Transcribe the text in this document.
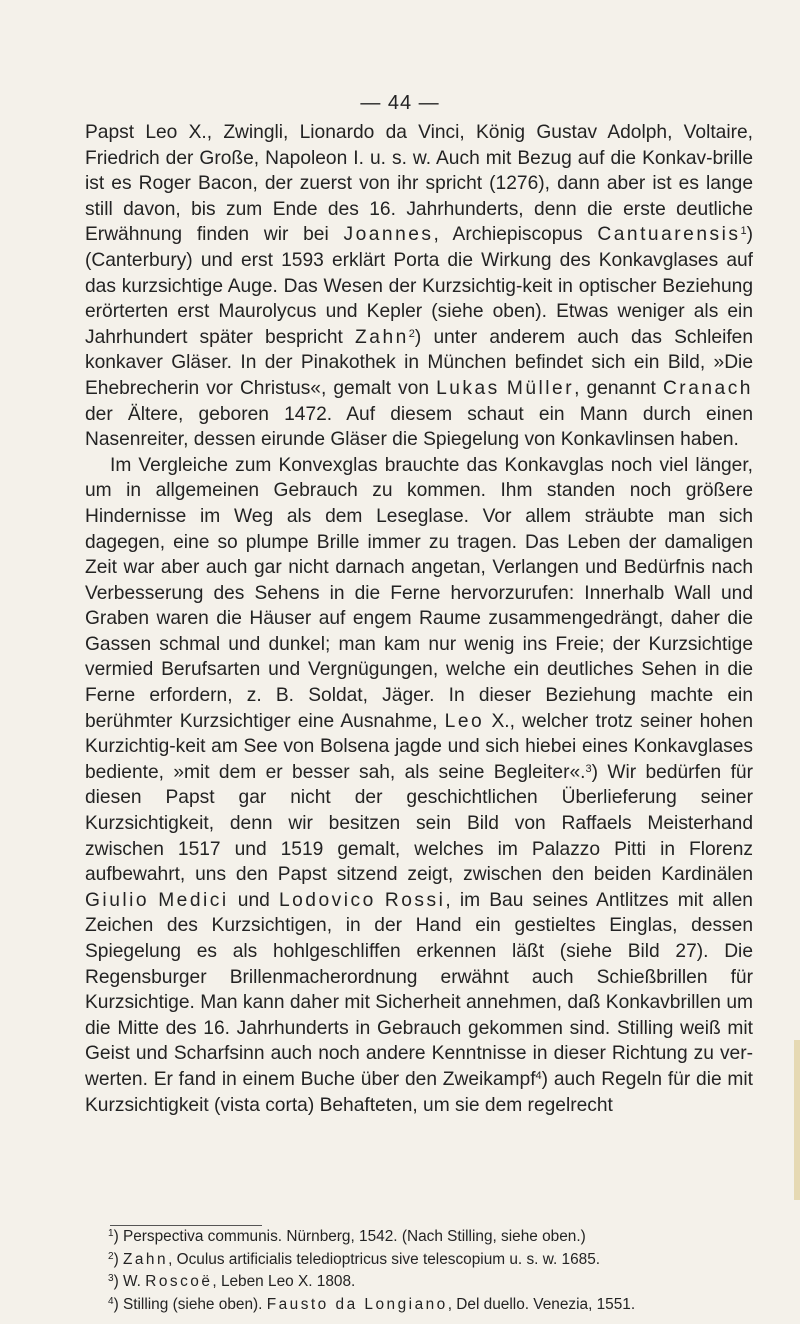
— 44 —

Papst Leo X., Zwingli, Lionardo da Vinci, König Gustav Adolph, Voltaire, Friedrich der Große, Napoleon I. u. s. w. Auch mit Bezug auf die Konkav-brille ist es Roger Bacon, der zuerst von ihr spricht (1276), dann aber ist es lange still davon, bis zum Ende des 16. Jahrhunderts, denn die erste deutliche Erwähnung finden wir bei Joannes, Archiepiscopus Cantuarensis$^1$) (Canterbury) und erst 1593 erklärt Porta die Wirkung des Konkavglases auf das kurzsichtige Auge. Das Wesen der Kurzsichtig-keit in optischer Beziehung erörterten erst Maurolycus und Kepler (siehe oben). Etwas weniger als ein Jahrhundert später bespricht Zahn$^2$) unter anderem auch das Schleifen konkaver Gläser. In der Pinakothek in München befindet sich ein Bild, »Die Ehebrecherin vor Christus«, gemalt von Lukas Müller, genannt Cranach der Ältere, geboren 1472. Auf diesem schaut ein Mann durch einen Nasenreiter, dessen eirunde Gläser die Spiegelung von Konkavlinsen haben.

Im Vergleiche zum Konvexglas brauchte das Konkavglas noch viel länger, um in allgemeinen Gebrauch zu kommen. Ihm standen noch größere Hindernisse im Weg als dem Leseglase. Vor allem sträubte man sich dagegen, eine so plumpe Brille immer zu tragen. Das Leben der damaligen Zeit war aber auch gar nicht darnach angetan, Verlangen und Bedürfnis nach Verbesserung des Sehens in die Ferne hervorzurufen: Innerhalb Wall und Graben waren die Häuser auf engem Raume zusammengedrängt, daher die Gassen schmal und dunkel; man kam nur wenig ins Freie; der Kurzsichtige vermied Berufsarten und Vergnügungen, welche ein deutliches Sehen in die Ferne erfordern, z. B. Soldat, Jäger. In dieser Beziehung machte ein berühmter Kurzsichtiger eine Ausnahme, Leo X., welcher trotz seiner hohen Kurzichtig-keit am See von Bolsena jagde und sich hiebei eines Konkavglases bediente, »mit dem er besser sah, als seine Begleiter«.$^3$) Wir bedürfen für diesen Papst gar nicht der geschichtlichen Überlieferung seiner Kurzsichtigkeit, denn wir besitzen sein Bild von Raffaels Meisterhand zwischen 1517 und 1519 gemalt, welches im Palazzo Pitti in Florenz aufbewahrt, uns den Papst sitzend zeigt, zwischen den beiden Kardinälen Giulio Medici und Lodovico Rossi, im Bau seines Antlitzes mit allen Zeichen des Kurzsichtigen, in der Hand ein gestieltes Einglas, dessen Spiegelung es als hohlgeschliffen erkennen läßt (siehe Bild 27). Die Regensburger Brillenmacherordnung erwähnt auch Schießbrillen für Kurzsichtige. Man kann daher mit Sicherheit annehmen, daß Konkavbrillen um die Mitte des 16. Jahrhunderts in Gebrauch gekommen sind. Stilling weiß mit Geist und Scharfsinn auch noch andere Kenntnisse in dieser Richtung zu ver-werten. Er fand in einem Buche über den Zweikampf$^4$) auch Regeln für die mit Kurzsichtigkeit (vista corta) Behafteten, um sie dem regelrecht

$^1$) Perspectiva communis. Nürnberg, 1542. (Nach Stilling, siehe oben.)
$^2$) Zahn, Oculus artificialis teledioptricus sive telescopium u. s. w. 1685.
$^3$) W. Roscoë, Leben Leo X. 1808.
$^4$) Stilling (siehe oben). Fausto da Longiano, Del duello. Venezia, 1551.
